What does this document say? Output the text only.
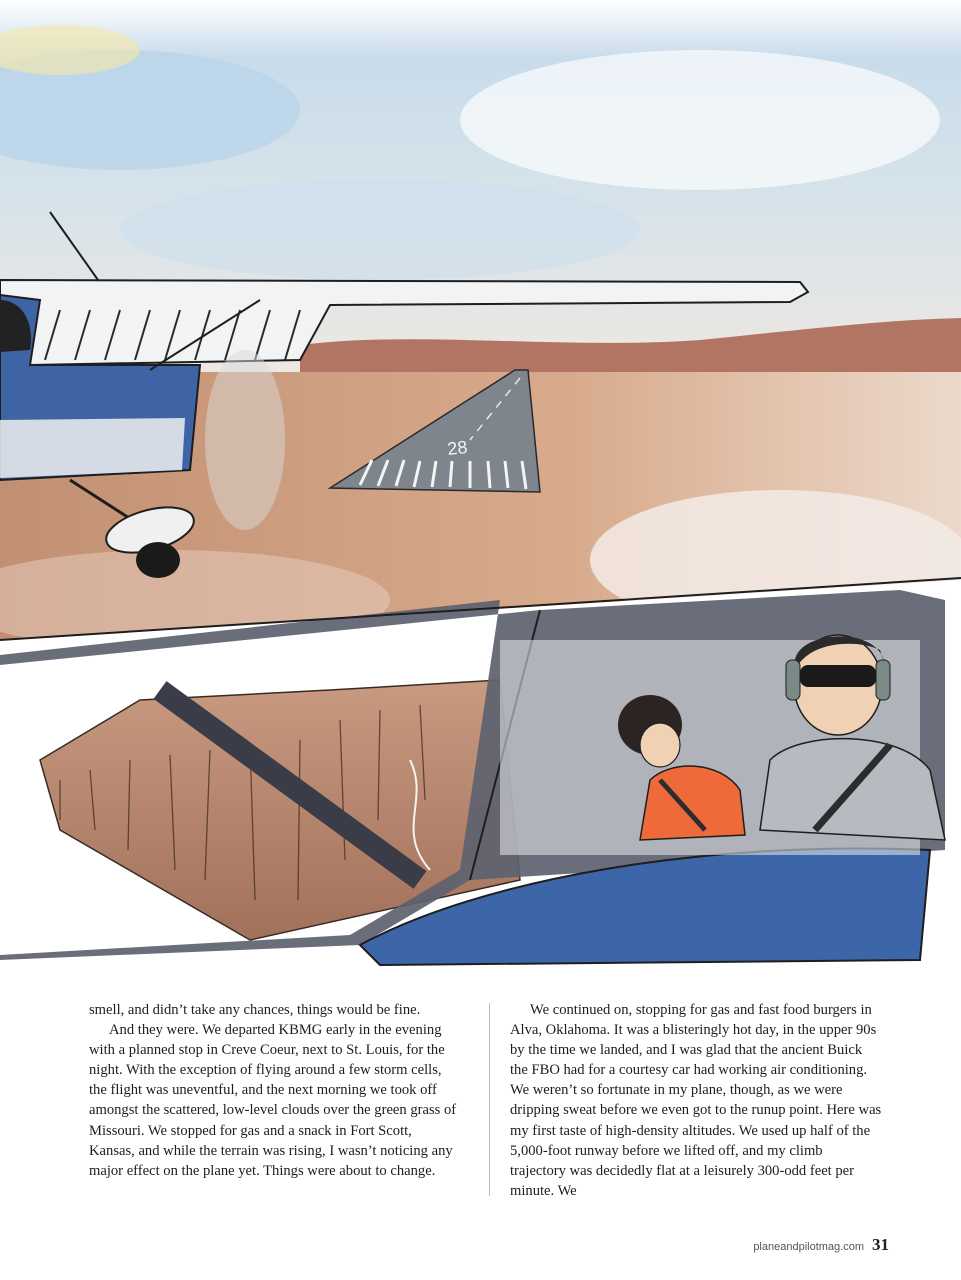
28

smell, and didn’t take any chances, things would be fine.

And they were. We departed KBMG early in the evening with a planned stop in Creve Coeur, next to St. Louis, for the night. With the exception of flying around a few storm cells, the flight was uneventful, and the next morning we took off amongst the scattered, low-level clouds over the green grass of Missouri. We stopped for gas and a snack in Fort Scott, Kansas, and while the terrain was rising, I wasn’t noticing any major effect on the plane yet. Things were about to change.

We continued on, stopping for gas and fast food burgers in Alva, Oklahoma. It was a blisteringly hot day, in the upper 90s by the time we landed, and I was glad that the ancient Buick the FBO had for a courtesy car had working air conditioning. We weren’t so fortunate in my plane, though, as we were dripping sweat before we even got to the runup point. Here was my first taste of high-density altitudes. We used up half of the 5,000-foot runway before we lifted off, and my climb trajectory was decidedly flat at a leisurely 300-odd feet per minute. We

planeandpilotmag.com 31
